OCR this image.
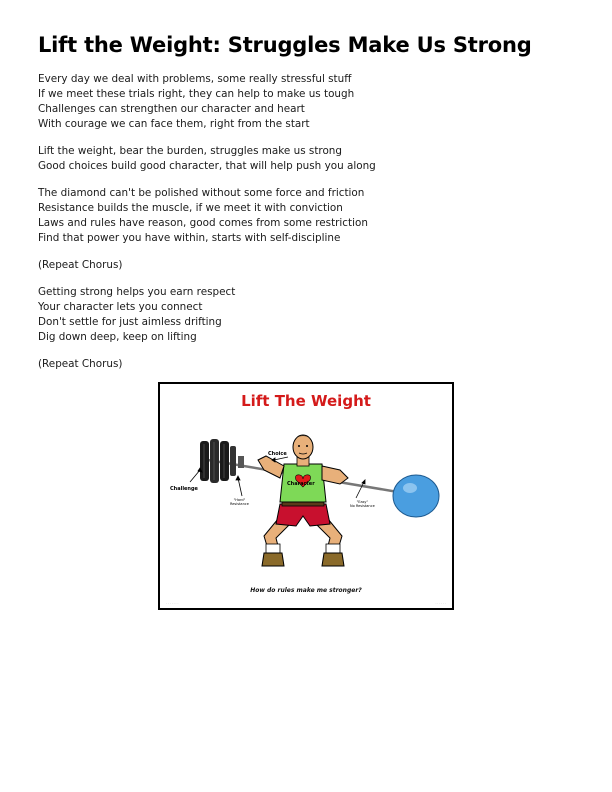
Lift the Weight: Struggles Make Us Strong

Every day we deal with problems, some really stressful stuff
If we meet these trials right, they can help to make us tough
Challenges can strengthen our character and heart
With courage we can face them, right from the start

Lift the weight, bear the burden, struggles make us strong
Good choices build good character, that will help push you along

The diamond can't be polished without some force and friction
Resistance builds the muscle, if we meet it with conviction
Laws and rules have reason, good comes from some restriction
Find that power you have within, starts with self-discipline

(Repeat Chorus)

Getting strong helps you earn respect
Your character lets you connect
Don't settle for just aimless drifting
Dig down deep, keep on lifting

(Repeat Chorus)

Lift The Weight
Choice
Character
Challenge
"Hard"
Resistance	"Easy"
No Resistance
How do rules make me stronger?
· · · · · · ·	· · · · · ·
